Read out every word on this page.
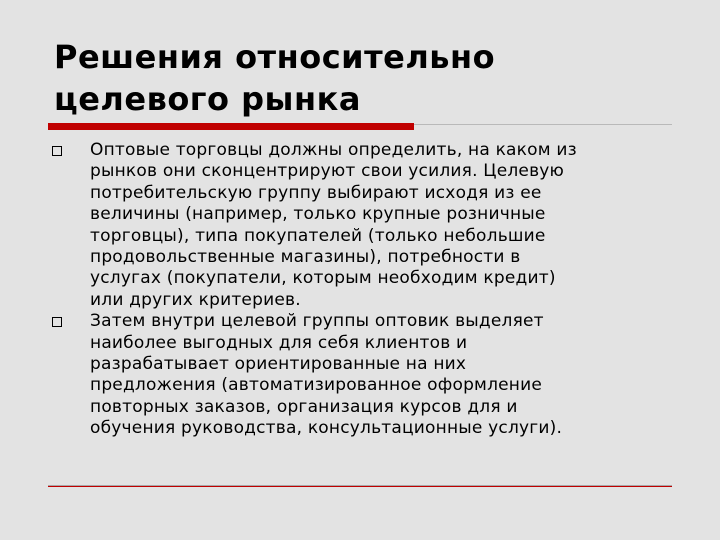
Решения относительно
целевого рынка
Оптовые торговцы должны определить, на каком из
рынков они сконцентрируют свои усилия. Целевую
потребительскую группу выбирают исходя из ее
величины (например, только крупные розничные
торговцы), типа покупателей (только небольшие
продовольственные магазины), потребности в
услугах (покупатели, которым необходим кредит)
или других критериев.
Затем внутри целевой группы оптовик выделяет
наиболее выгодных для себя клиентов и
разрабатывает ориентированные на них
предложения (автоматизированное оформление
повторных заказов, организация курсов для и
обучения руководства, консультационные услуги).
